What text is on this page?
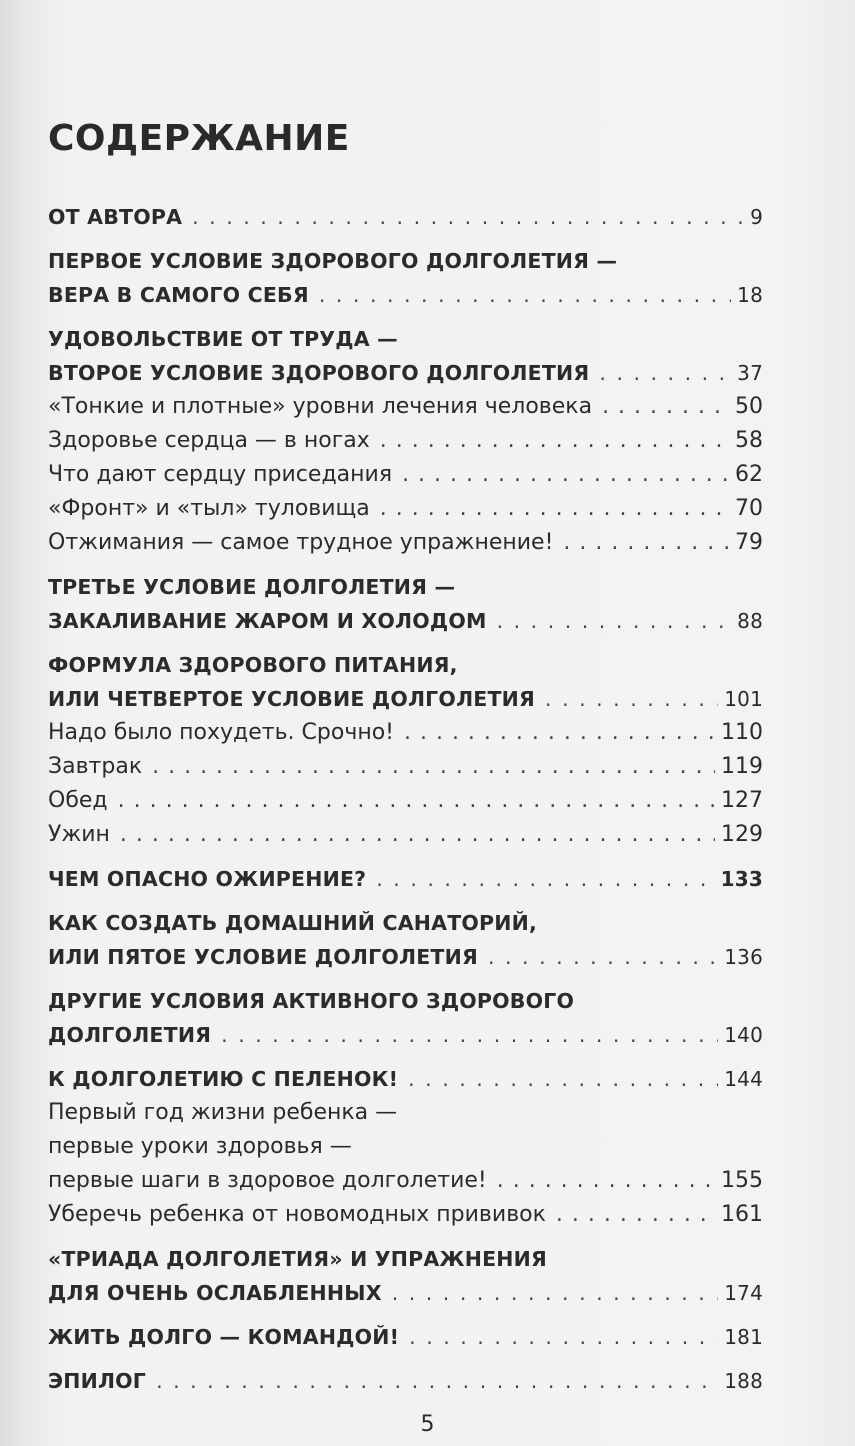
СОДЕРЖАНИЕ
ОТ АВТОРА . . .	9
ПЕРВОЕ УСЛОВИЕ ЗДОРОВОГО ДОЛГОЛЕТИЯ —
ВЕРА В САМОГО СЕБЯ . . .	18
УДОВОЛЬСТВИЕ ОТ ТРУДА —
ВТОРОЕ УСЛОВИЕ ЗДОРОВОГО ДОЛГОЛЕТИЯ . . .	37
«Тонкие и плотные» уровни лечения человека . . .	50
Здоровье сердца — в ногах . . .	58
Что дают сердцу приседания . . .	62
«Фронт» и «тыл» туловища . . .	70
Отжимания — самое трудное упражнение! . . .	79
ТРЕТЬЕ УСЛОВИЕ ДОЛГОЛЕТИЯ —
ЗАКАЛИВАНИЕ ЖАРОМ И ХОЛОДОМ . . .	88
ФОРМУЛА ЗДОРОВОГО ПИТАНИЯ,
ИЛИ ЧЕТВЕРТОЕ УСЛОВИЕ ДОЛГОЛЕТИЯ . . .	101
Надо было похудеть. Срочно! . . .	110
Завтрак . . .	119
Обед . . .	127
Ужин . . .	129
ЧЕМ ОПАСНО ОЖИРЕНИЕ? . . .	133
КАК СОЗДАТЬ ДОМАШНИЙ САНАТОРИЙ,
ИЛИ ПЯТОЕ УСЛОВИЕ ДОЛГОЛЕТИЯ . . .	136
ДРУГИЕ УСЛОВИЯ АКТИВНОГО ЗДОРОВОГО
ДОЛГОЛЕТИЯ . . .	140
К ДОЛГОЛЕТИЮ С ПЕЛЕНОК! . . .	144
Первый год жизни ребенка —
первые уроки здоровья —
первые шаги в здоровое долголетие! . . .	155
Уберечь ребенка от новомодных прививок . . .	161
«ТРИАДА ДОЛГОЛЕТИЯ» И УПРАЖНЕНИЯ
ДЛЯ ОЧЕНЬ ОСЛАБЛЕННЫХ . . .	174
ЖИТЬ ДОЛГО — КОМАНДОЙ! . . .	181
ЭПИЛОГ . . .	188
5
